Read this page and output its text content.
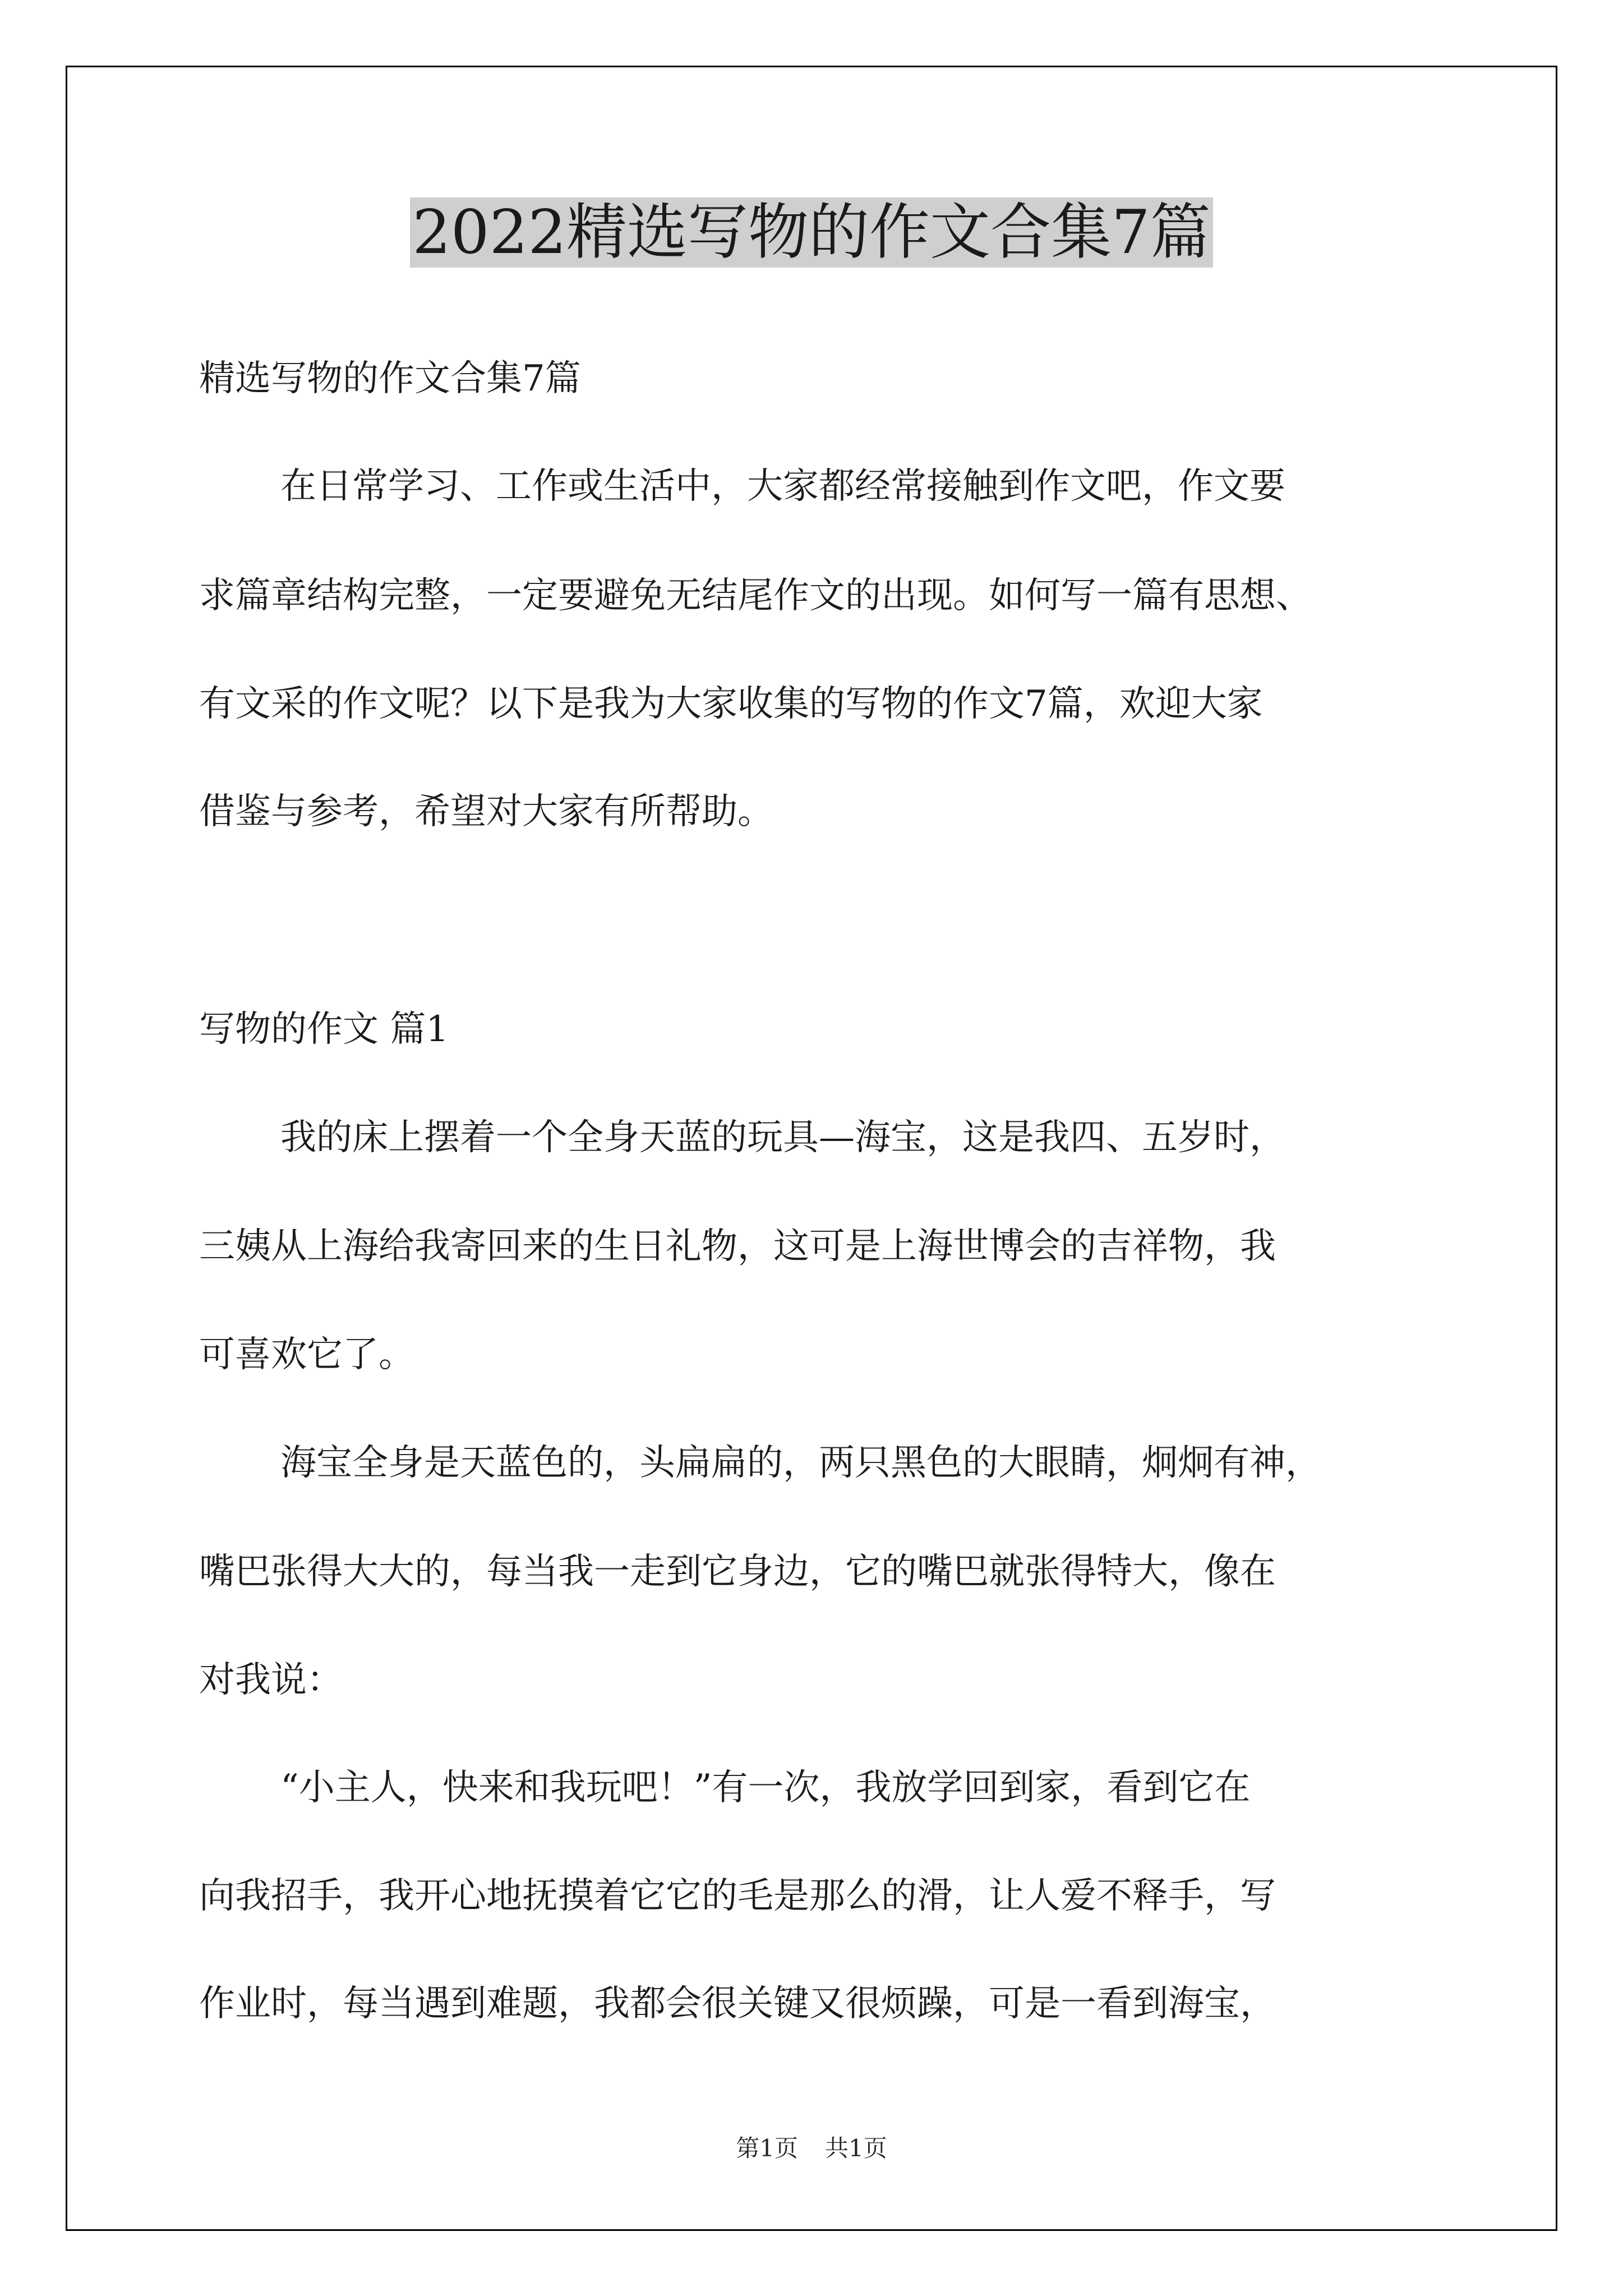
2022精选写物的作文合集7篇
精选写物的作文合集7篇
在日常学习、工作或生活中，大家都经常接触到作文吧，作文要
求篇章结构完整，一定要避免无结尾作文的出现。如何写一篇有思想、
有文采的作文呢？以下是我为大家收集的写物的作文7篇，欢迎大家
借鉴与参考，希望对大家有所帮助。
写物的作文 篇1
我的床上摆着一个全身天蓝的玩具—海宝，这是我四、五岁时，
三姨从上海给我寄回来的生日礼物，这可是上海世博会的吉祥物，我
可喜欢它了。
海宝全身是天蓝色的，头扁扁的，两只黑色的大眼睛，炯炯有神，
嘴巴张得大大的，每当我一走到它身边，它的嘴巴就张得特大，像在
对我说：
“小主人，快来和我玩吧！”有一次，我放学回到家，看到它在
向我招手，我开心地抚摸着它它的毛是那么的滑，让人爱不释手，写
作业时，每当遇到难题，我都会很关键又很烦躁，可是一看到海宝，
第1页 共1页
